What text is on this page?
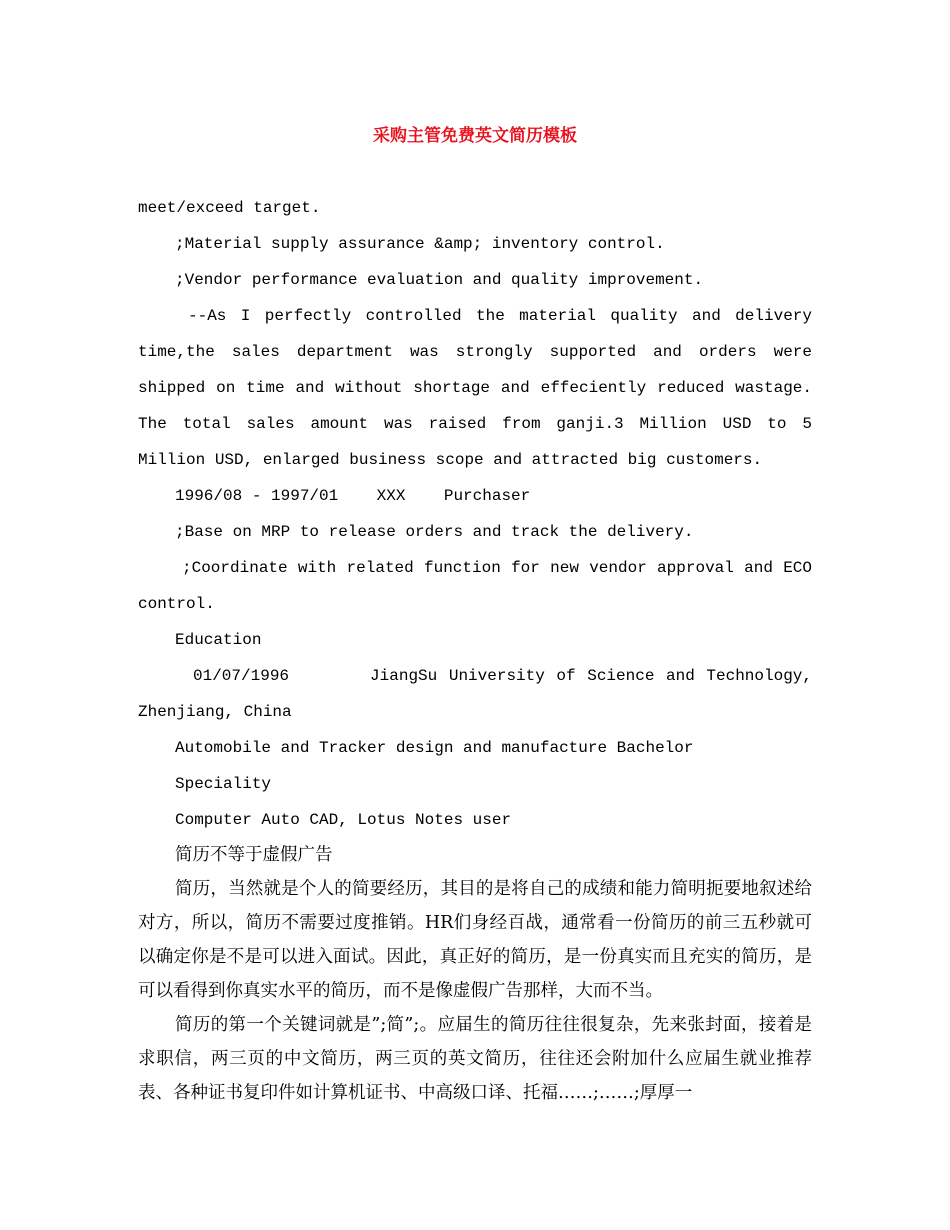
采购主管免费英文简历模板

meet/exceed target.

;Material supply assurance &amp; inventory control.

;Vendor performance evaluation and quality improvement.

--As I perfectly controlled the material quality and delivery time,the sales department was strongly supported and orders were shipped on time and without shortage and effeciently reduced wastage. The total sales amount was raised from ganji.3 Million USD to 5 Million USD, enlarged business scope and attracted big customers.

1996/08 - 1997/01    XXX    Purchaser

;Base on MRP to release orders and track the delivery.

;Coordinate with related function for new vendor approval and ECO control.

Education

01/07/1996       JiangSu University of Science and Technology, Zhenjiang, China

Automobile and Tracker design and manufacture Bachelor

Speciality

Computer Auto CAD, Lotus Notes user

简历不等于虚假广告

简历，当然就是个人的简要经历，其目的是将自己的成绩和能力简明扼要地叙述给对方，所以，简历不需要过度推销。HR们身经百战，通常看一份简历的前三五秒就可以确定你是不是可以进入面试。因此，真正好的简历，是一份真实而且充实的简历，是可以看得到你真实水平的简历，而不是像虚假广告那样，大而不当。

简历的第一个关键词就是”;简”;。应届生的简历往往很复杂，先来张封面，接着是求职信，两三页的中文简历，两三页的英文简历，往往还会附加什么应届生就业推荐表、各种证书复印件如计算机证书、中高级口译、托福……;……;厚厚一
